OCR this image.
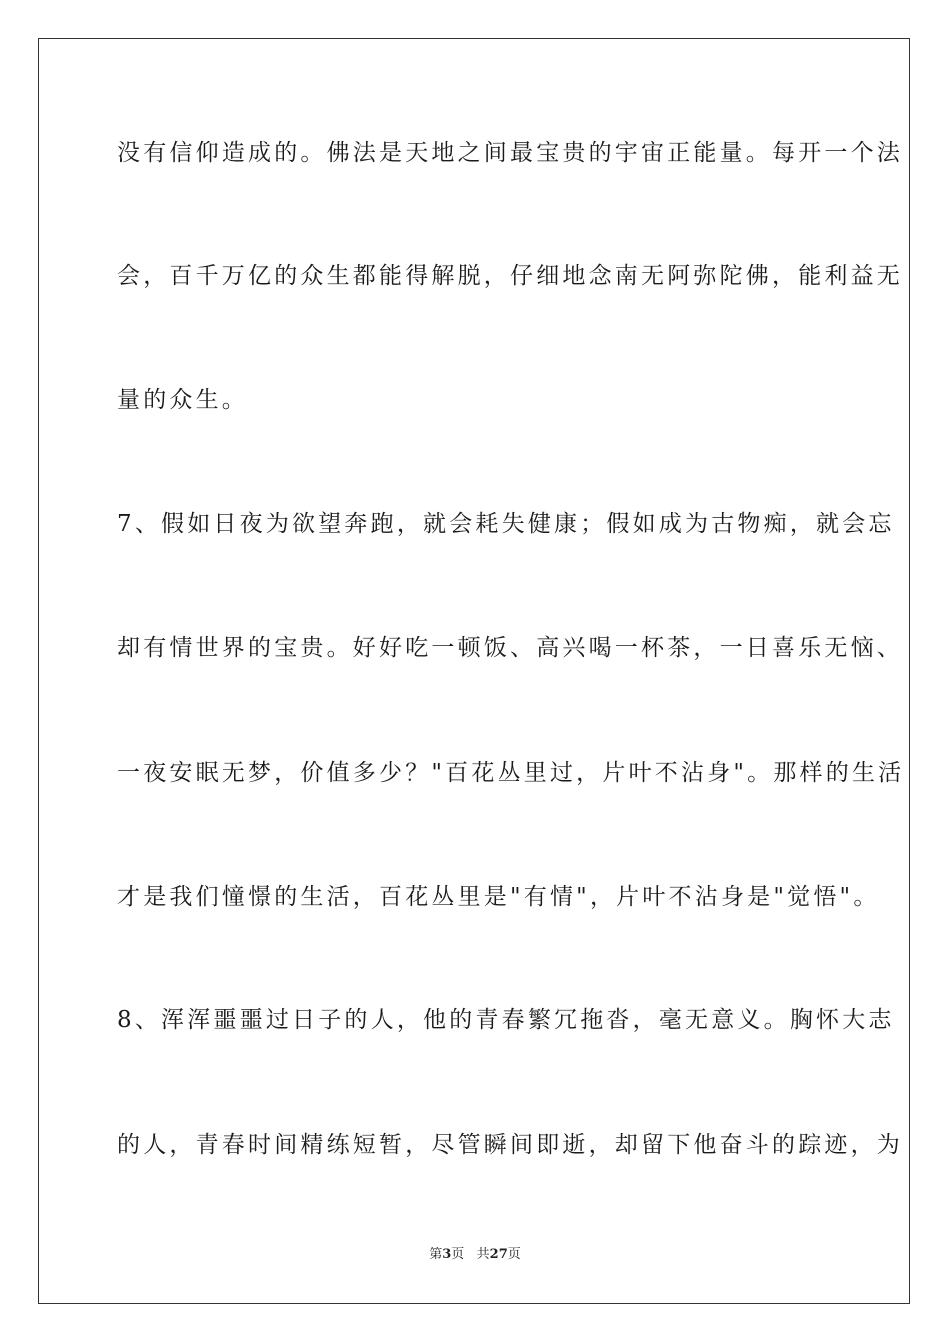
没有信仰造成的。佛法是天地之间最宝贵的宇宙正能量。每开一个法
会，百千万亿的众生都能得解脱，仔细地念南无阿弥陀佛，能利益无
量的众生。
7、假如日夜为欲望奔跑，就会耗失健康；假如成为古物痴，就会忘
却有情世界的宝贵。好好吃一顿饭、高兴喝一杯茶，一日喜乐无恼、
一夜安眠无梦，价值多少？"百花丛里过，片叶不沾身"。那样的生活
才是我们憧憬的生活，百花丛里是"有情"，片叶不沾身是"觉悟"。
8、浑浑噩噩过日子的人，他的青春繁冗拖沓，毫无意义。胸怀大志
的人，青春时间精练短暂，尽管瞬间即逝，却留下他奋斗的踪迹，为
第3页   共27页
